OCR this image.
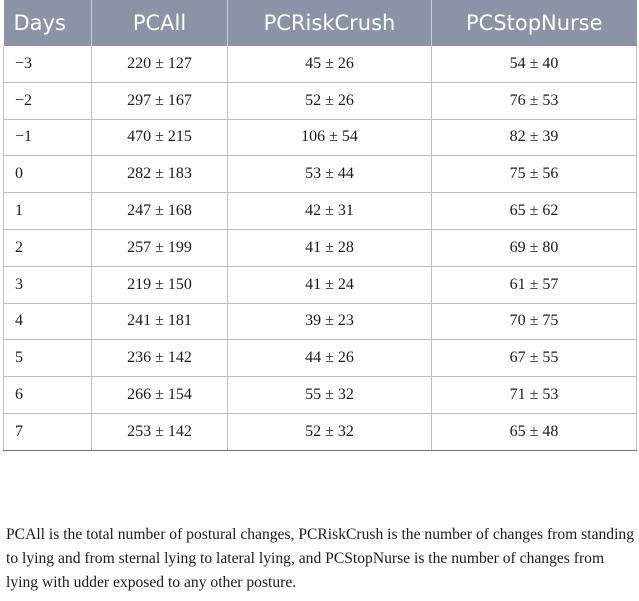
Days	PCAll	PCRiskCrush	PCStopNurse
−3	220 ± 127	45 ± 26	54 ± 40
−2	297 ± 167	52 ± 26	76 ± 53
−1	470 ± 215	106 ± 54	82 ± 39
0	282 ± 183	53 ± 44	75 ± 56
1	247 ± 168	42 ± 31	65 ± 62
2	257 ± 199	41 ± 28	69 ± 80
3	219 ± 150	41 ± 24	61 ± 57
4	241 ± 181	39 ± 23	70 ± 75
5	236 ± 142	44 ± 26	67 ± 55
6	266 ± 154	55 ± 32	71 ± 53
7	253 ± 142	52 ± 32	65 ± 48

PCAll is the total number of postural changes, PCRiskCrush is the number of changes from standing to lying and from sternal lying to lateral lying, and PCStopNurse is the number of changes from lying with udder exposed to any other posture.
